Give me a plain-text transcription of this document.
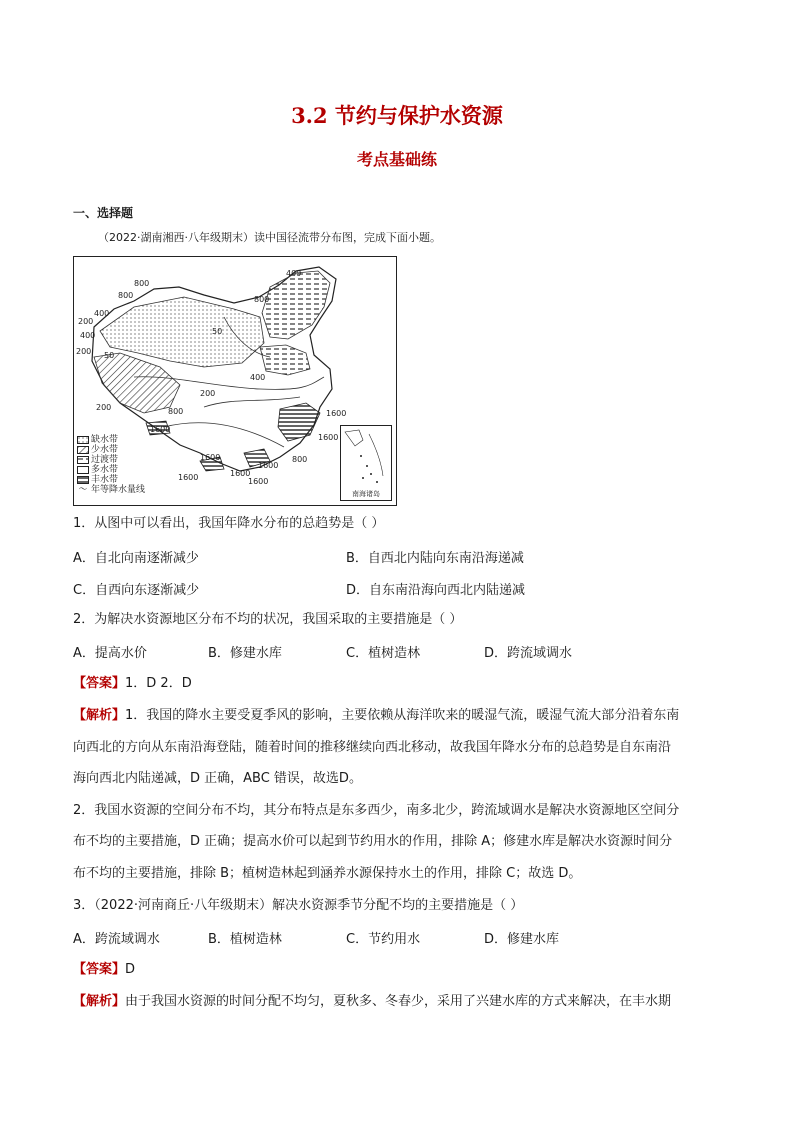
3.2 节约与保护水资源
考点基础练
一、选择题
（2022·湖南湘西·八年级期末）读中国径流带分布图，完成下面小题。
400
800
800
400
200
400
800
50
50
200
200
400
200
800	1600
1600
1600
1600
1600
1600	1600
1600
800
缺水带
少水带
过渡带
多水带
丰水带
～ 年等降水量线	南海诸岛
1．从图中可以看出，我国年降水分布的总趋势是（ ）
A．自北向南逐渐减少	B．自西北内陆向东南沿海递减
C．自西向东逐渐减少	D．自东南沿海向西北内陆递减
2．为解决水资源地区分布不均的状况，我国采取的主要措施是（ ）
A．提高水价	B．修建水库	C．植树造林	D．跨流域调水
【答案】1．D 2．D
【解析】1．我国的降水主要受夏季风的影响，主要依赖从海洋吹来的暖湿气流，暖湿气流大部分沿着东南
向西北的方向从东南沿海登陆，随着时间的推移继续向西北移动，故我国年降水分布的总趋势是自东南沿
海向西北内陆递减，D 正确，ABC 错误，故选D。
2．我国水资源的空间分布不均，其分布特点是东多西少，南多北少，跨流域调水是解决水资源地区空间分
布不均的主要措施，D 正确；提高水价可以起到节约用水的作用，排除 A；修建水库是解决水资源时间分
布不均的主要措施，排除 B；植树造林起到涵养水源保持水土的作用，排除 C；故选 D。
3．（2022·河南商丘·八年级期末）解决水资源季节分配不均的主要措施是（ ）
A．跨流域调水	B．植树造林	C．节约用水	D．修建水库
【答案】D
【解析】由于我国水资源的时间分配不均匀，夏秋多、冬春少，采用了兴建水库的方式来解决，在丰水期
